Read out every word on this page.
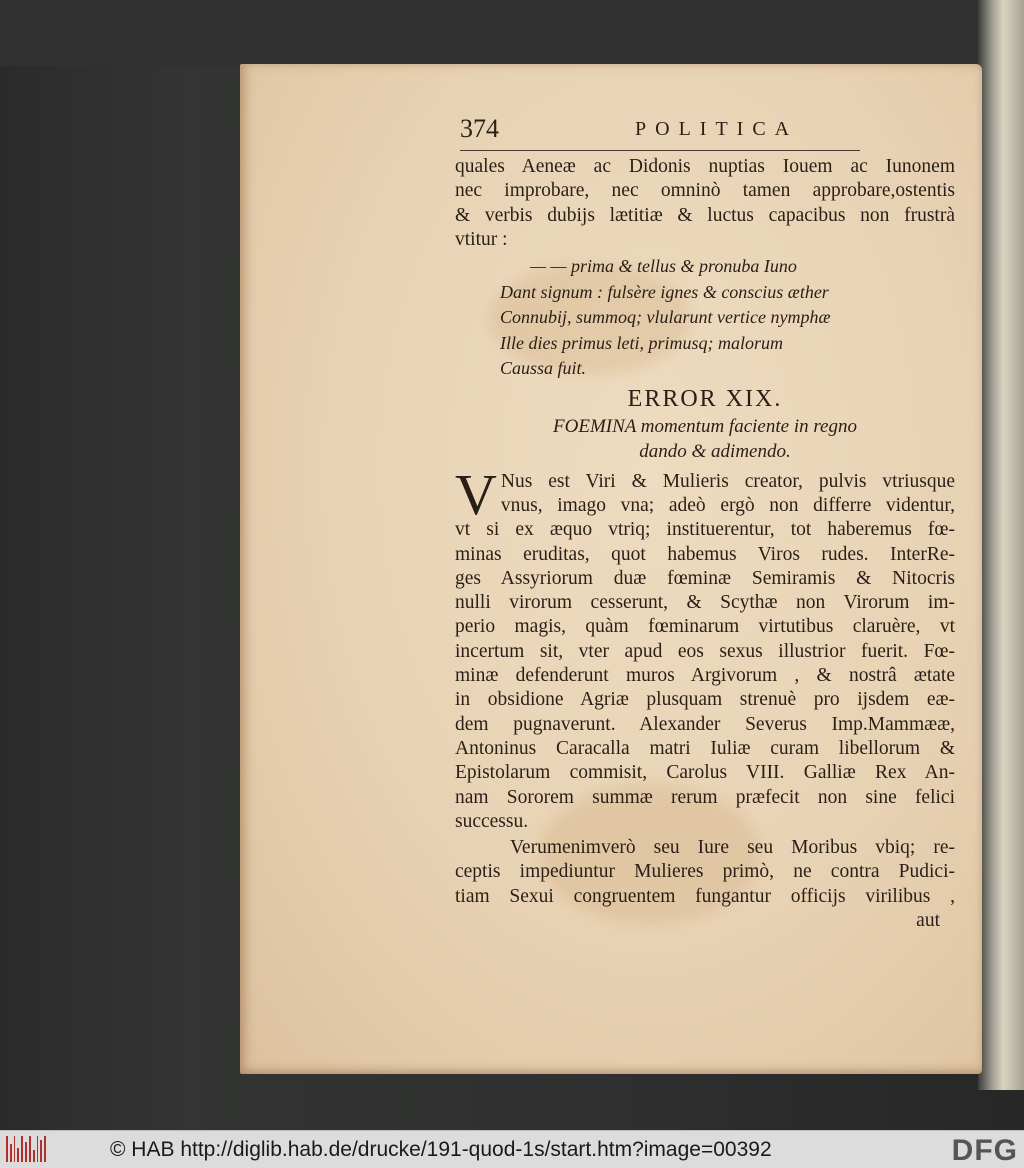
374	POLITICA
quales Aeneæ ac Didonis nuptias Iouem ac Iunonem
nec improbare, nec omninò tamen approbare,ostentis
& verbis dubijs lætitiæ & luctus capacibus non frustrà
vtitur :
— — prima & tellus & pronuba Iuno
Dant signum : fulsère ignes & conscius æther
Connubij, summoq; vlularunt vertice nymphæ
Ille dies primus leti, primusq; malorum
Caussa fuit.
ERROR XIX.
FOEMINA momentum faciente in regno
dando & adimendo.
V Nus est Viri & Mulieris creator, pulvis vtriusque
vnus, imago vna; adeò ergò non differre videntur,
vt si ex æquo vtriq; instituerentur, tot haberemus fœ-
minas eruditas, quot habemus Viros rudes. InterRe-
ges Assyriorum duæ fœminæ Semiramis & Nitocris
nulli virorum cesserunt, & Scythæ non Virorum im-
perio magis, quàm fœminarum virtutibus claruère, vt
incertum sit, vter apud eos sexus illustrior fuerit. Fœ-
minæ defenderunt muros Argivorum , & nostrâ ætate
in obsidione Agriæ plusquam strenuè pro ijsdem eæ-
dem pugnaverunt. Alexander Severus Imp.Mammææ,
Antoninus Caracalla matri Iuliæ curam libellorum &
Epistolarum commisit, Carolus VIII. Galliæ Rex An-
nam Sororem summæ rerum præfecit non sine felici
successu.
Verumenimverò seu Iure seu Moribus vbiq; re-
ceptis impediuntur Mulieres primò, ne contra Pudici-
tiam Sexui congruentem fungantur officijs virilibus ,
aut
© HAB http://diglib.hab.de/drucke/191-quod-1s/start.htm?image=00392	DFG
